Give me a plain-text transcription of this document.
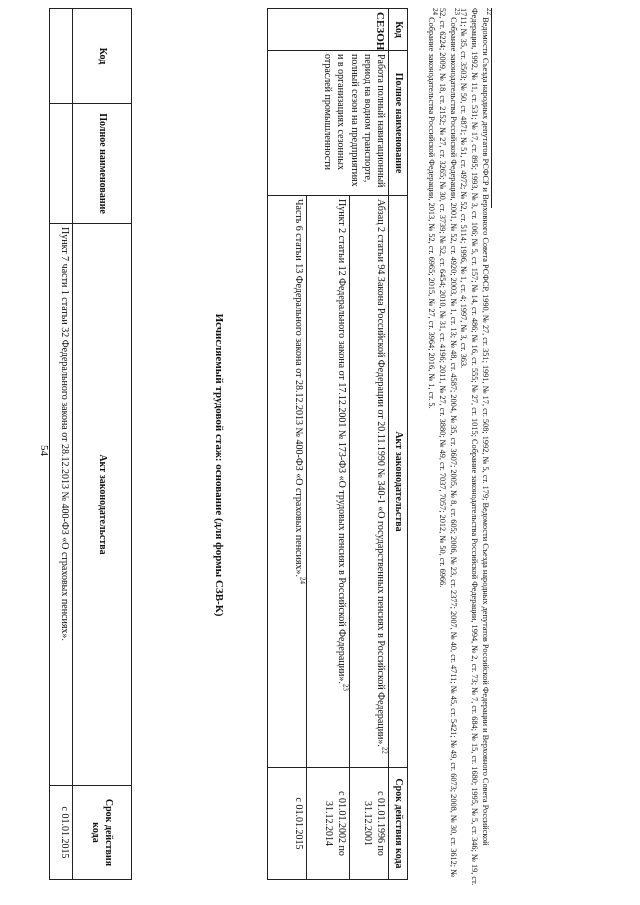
54
Код	Полное наименование	Акт законодательства	Срок действия кода
		Пункт 7 части 1 статьи 32 Федерального закона от 28.12.2013 № 400-ФЗ «О страховых пенсиях».	с 01.01.2015
Исчисляемый трудовой стаж: основание (для формы СЗВ-К)
Код	Полное наименование	Акт законодательства	Срок действия кода
СЕЗОН	Работа полный навигационный период на водном транспорте, полный сезон на предприятиях и в организациях сезонных отраслей промышленности	Абзац 2 статьи 94 Закона Российской Федерации от 20.11.1990 № 340-1 «О государственных пенсиях в Российской Федерации».$^{22}$	с 01.01.1996 по 31.12.2001
		Пункт 2 статьи 12 Федерального закона от 17.12.2001 № 173-ФЗ «О трудовых пенсиях в Российской Федерации».$^{23}$	с 01.01.2002 по 31.12.2014
		Часть 6 статьи 13 Федерального закона от 28.12.2013 № 400-ФЗ «О страховых пенсиях».$^{24}$	с 01.01.2015

$^{22}$ Ведомости Съезда народных депутатов РСФСР и Верховного Совета РСФСР, 1990, № 27, ст. 351; 1991, № 17, ст. 508; 1992, № 5, ст. 179; Ведомости Съезда народных депутатов Российской Федерации и Верховного Совета Российской Федерации, 1992, № 11, ст. 531; № 17, ст. 895; 1993, № 3, ст. 106; № 5, ст. 157; № 14, ст. 486; № 16, ст. 555; № 27, ст. 1015; Собрание законодательства Российской Федерации, 1994, № 2, ст. 73; № 7, ст. 684; № 15, ст. 1680; 1995, № 5, ст. 346; № 19, ст. 1711; № 35, ст. 3503; № 50, ст. 4871; № 51, ст. 4972; № 52, ст. 5114; 1996, № 1, ст. 4; 1997, № 3, ст. 363.

$^{23}$ Собрание законодательства Российской Федерации, 2001, № 52, ст. 4920; 2003, № 1, ст. 13; № 48, ст. 4587; 2004, № 35, ст. 3607; 2005, № 8, ст. 605; 2006, № 23, ст. 2377; 2007, № 40, ст. 4711; № 45, ст. 5421; № 49, ст. 6073; 2008, № 30, ст. 3612; № 52, ст. 6224; 2009, № 18, ст. 2152; № 27, ст. 3265; № 30, ст. 3739; № 52, ст. 6454; 2010, № 31, ст. 4196; 2011, № 27, ст. 3880; № 49, ст. 7037, 7057; 2012, № 50, ст. 6966.

$^{24}$ Собрание законодательства Российской Федерации, 2013, № 52, ст. 6965; 2015, № 27, ст. 3964; 2016, № 1, ст. 5.
